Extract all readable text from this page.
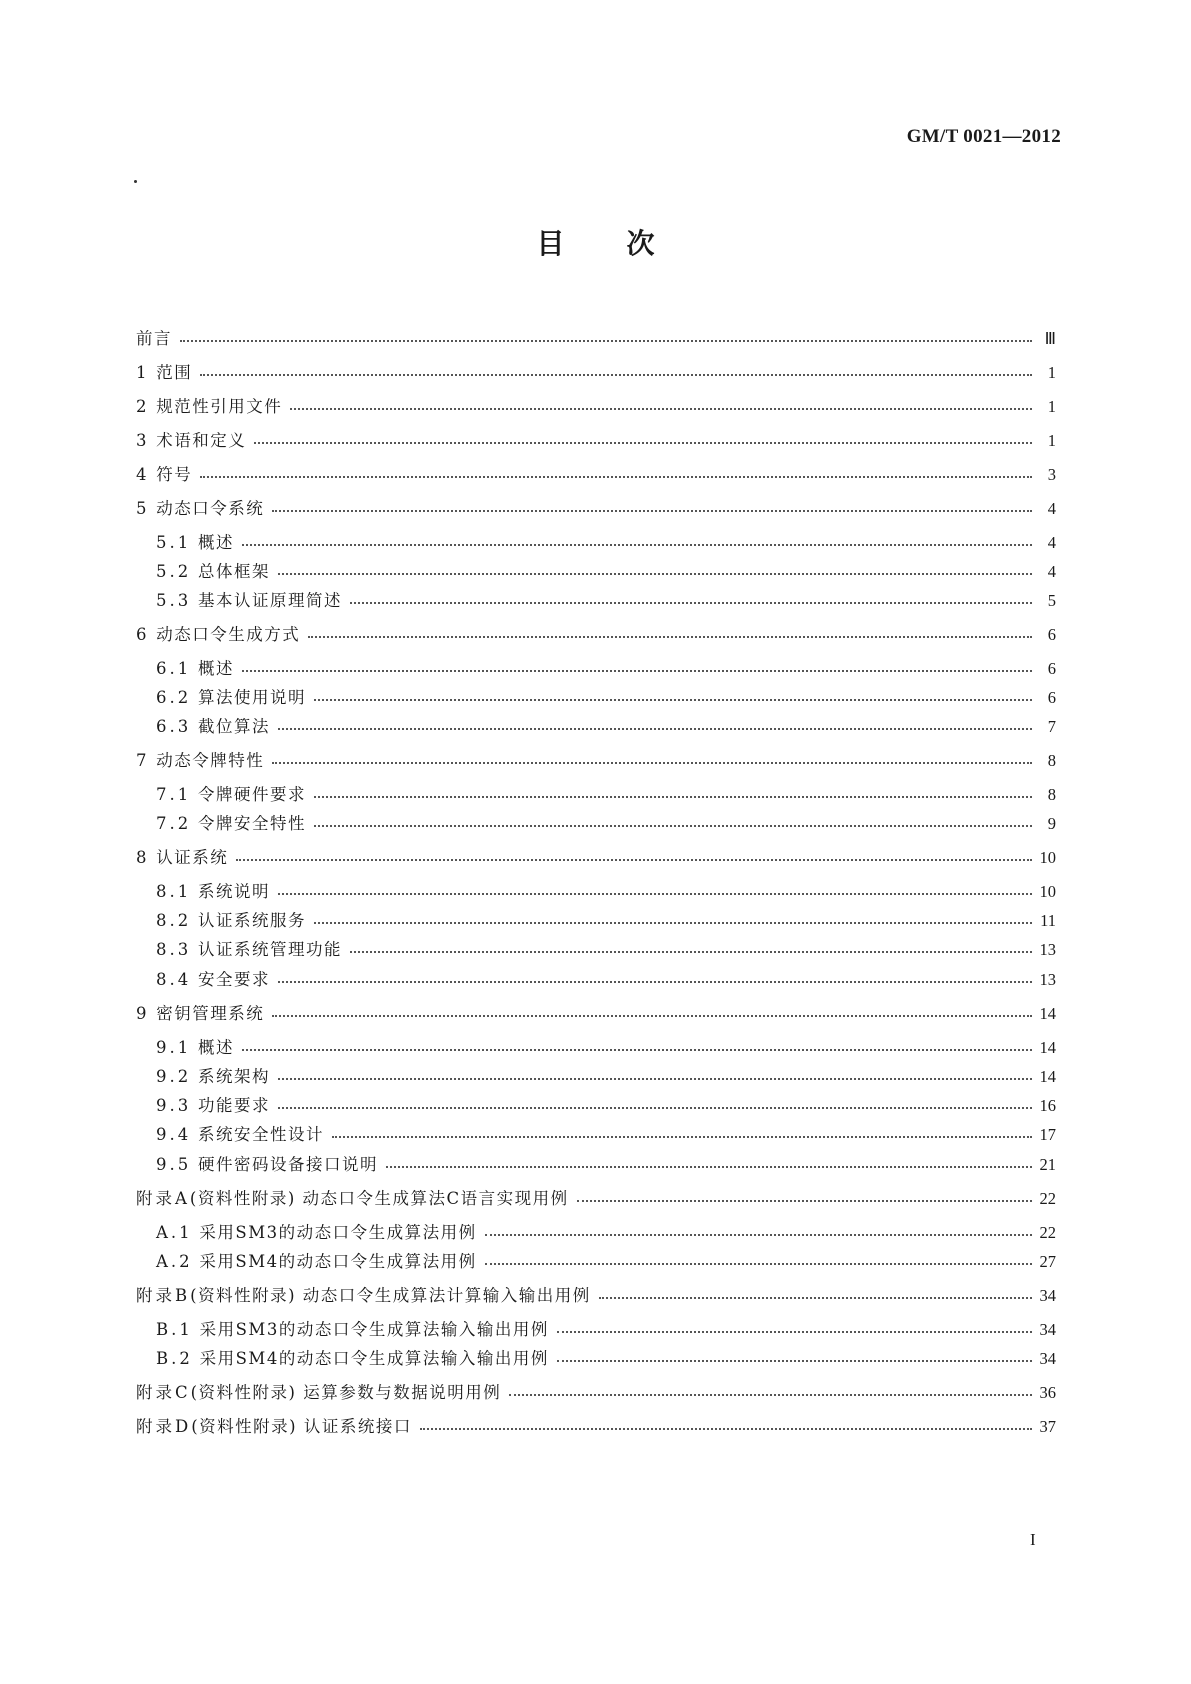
GM/T 0021—2012
目次
前言	Ⅲ
1 范围	1
2 规范性引用文件	1
3 术语和定义	1
4 符号	3
5 动态口令系统	4
5.1 概述	4
5.2 总体框架	4
5.3 基本认证原理简述	5
6 动态口令生成方式	6
6.1 概述	6
6.2 算法使用说明	6
6.3 截位算法	7
7 动态令牌特性	8
7.1 令牌硬件要求	8
7.2 令牌安全特性	9
8 认证系统	10
8.1 系统说明	10
8.2 认证系统服务	11
8.3 认证系统管理功能	13
8.4 安全要求	13
9 密钥管理系统	14
9.1 概述	14
9.2 系统架构	14
9.3 功能要求	16
9.4 系统安全性设计	17
9.5 硬件密码设备接口说明	21
附录A(资料性附录) 动态口令生成算法C语言实现用例	22
A.1 采用SM3的动态口令生成算法用例	22
A.2 采用SM4的动态口令生成算法用例	27
附录B(资料性附录) 动态口令生成算法计算输入输出用例	34
B.1 采用SM3的动态口令生成算法输入输出用例	34
B.2 采用SM4的动态口令生成算法输入输出用例	34
附录C(资料性附录) 运算参数与数据说明用例	36
附录D(资料性附录) 认证系统接口	37
I
